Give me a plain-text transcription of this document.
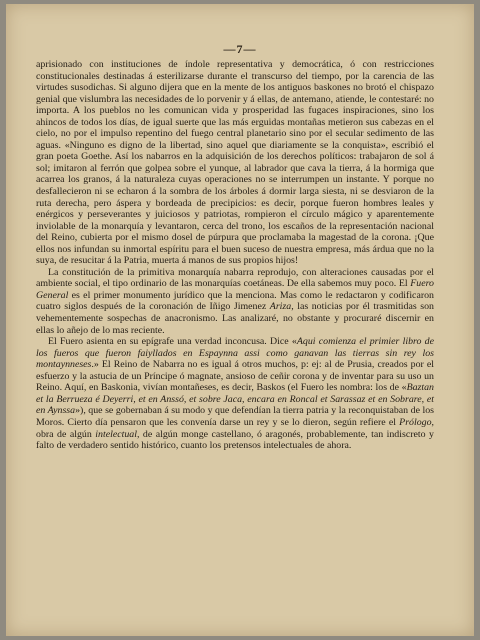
—7—

aprisionado con instituciones de índole representativa y democrática, ó con restricciones constitucionales destinadas á esterilizarse durante el transcurso del tiempo, por la carencia de las virtudes susodichas. Si alguno dijera que en la mente de los antiguos baskones no brotó el chispazo genial que vislumbra las necesidades de lo porvenir y á ellas, de antemano, atiende, le contestaré: no importa. A los pueblos no les comunican vida y prosperidad las fugaces inspiraciones, sino los ahincos de todos los días, de igual suerte que las más erguidas montañas metieron sus cabezas en el cielo, no por el impulso repentino del fuego central planetario sino por el secular sedimento de las aguas. «Ninguno es digno de la libertad, sino aquel que diariamente se la conquista», escribió el gran poeta Goethe. Así los nabarros en la adquisición de los derechos políticos: trabajaron de sol á sol; imitaron al ferrón que golpea sobre el yunque, al labrador que cava la tierra, á la hormiga que acarrea los granos, á la naturaleza cuyas operaciones no se interrumpen un instante. Y porque no desfallecieron ni se echaron á la sombra de los árboles á dormir larga siesta, ni se desviaron de la ruta derecha, pero áspera y bordeada de precipicios: es decir, porque fueron hombres leales y enérgicos y perseverantes y juiciosos y patriotas, rompieron el círculo mágico y aparentemente inviolable de la monarquía y levantaron, cerca del trono, los escaños de la representación nacional del Reino, cubierta por el mismo dosel de púrpura que proclamaba la magestad de la corona. ¡Que ellos nos infundan su inmortal espíritu para el buen suceso de nuestra empresa, más árdua que no la suya, de resucitar á la Patria, muerta á manos de sus propios hijos!

La constitución de la primitiva monarquía nabarra reprodujo, con alteraciones causadas por el ambiente social, el tipo ordinario de las monarquías coetáneas. De ella sabemos muy poco. El Fuero General es el primer monumento jurídico que la menciona. Mas como le redactaron y codificaron cuatro siglos después de la coronación de Iñigo Jimenez Ariza, las noticias por él trasmitidas son vehementemente sospechas de anacronismo. Las analizaré, no obstante y procuraré discernir en ellas lo añejo de lo mas reciente.

El Fuero asienta en su epígrafe una verdad inconcusa. Dice «Aqui comienza el primier libro de los fueros que fueron faiyllados en Espaynna assi como ganavan las tierras sin rey los montaynneses.» El Reino de Nabarra no es igual á otros muchos, p: ej: al de Prusia, creados por el esfuerzo y la astucia de un Príncipe ó magnate, ansioso de ceñir corona y de inventar para su uso un Reino. Aquí, en Baskonia, vivían montañeses, es decir, Baskos (el Fuero les nombra: los de «Baztan et la Berrueza é Deyerri, et en Anssó, et sobre Jaca, encara en Roncal et Sarassaz et en Sobrare, et en Aynssa»), que se gobernaban á su modo y que defendían la tierra patria y la reconquistaban de los Moros. Cierto día pensaron que les convenía darse un rey y se lo dieron, según refiere el Prólogo, obra de algún intelectual, de algún monge castellano, ó aragonés, probablemente, tan indiscreto y falto de verdadero sentido histórico, cuanto los pretensos intelectuales de ahora.
